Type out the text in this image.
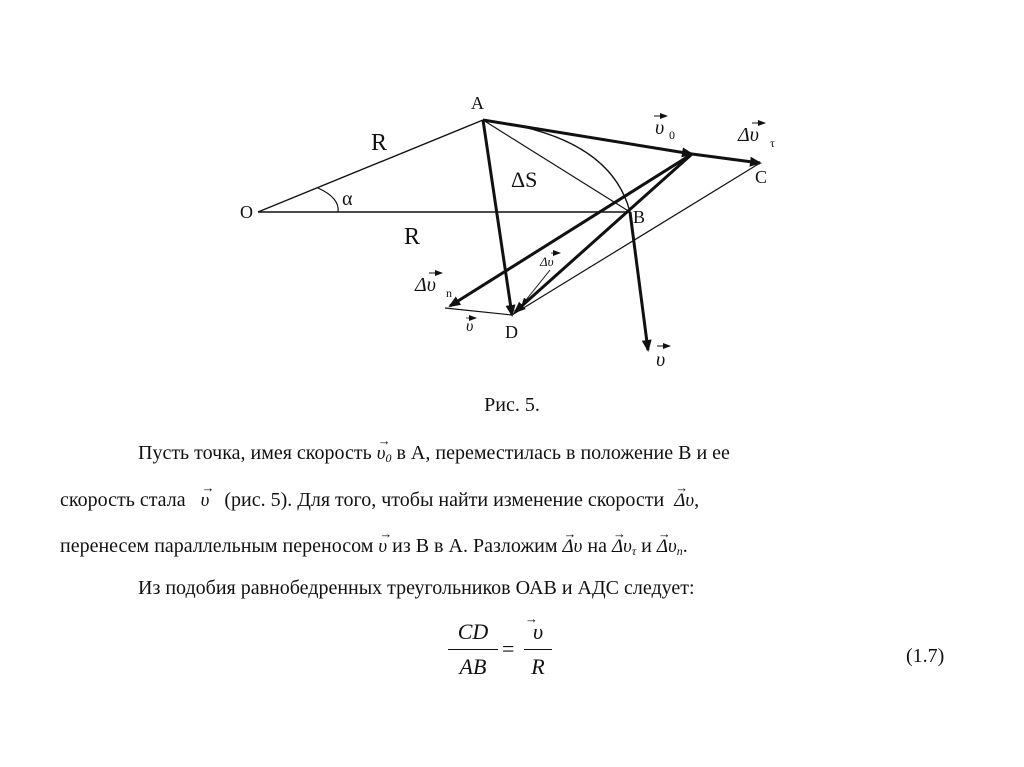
O
A
B
C
D
R
R
α
ΔS
υ 0	Δυ τ
Δυ n
Δυ
υ
υ
Рис. 5.
Пусть точка, имея скорость → $\upsilon_0$ в А, переместилась в положение В и ее
скорость стала → υ (рис. 5). Для того, чтобы найти изменение скорости → Δυ,
перенесем параллельным переносом → υ из В в А. Разложим → Δυ на → $\Delta\upsilon_\tau$ $и \to \Delta\upsilon_n$.
Из подобия равнобедренных треугольников ОАВ и АДС следует:
CD
AB
=
→ υ
R	(1.7)
